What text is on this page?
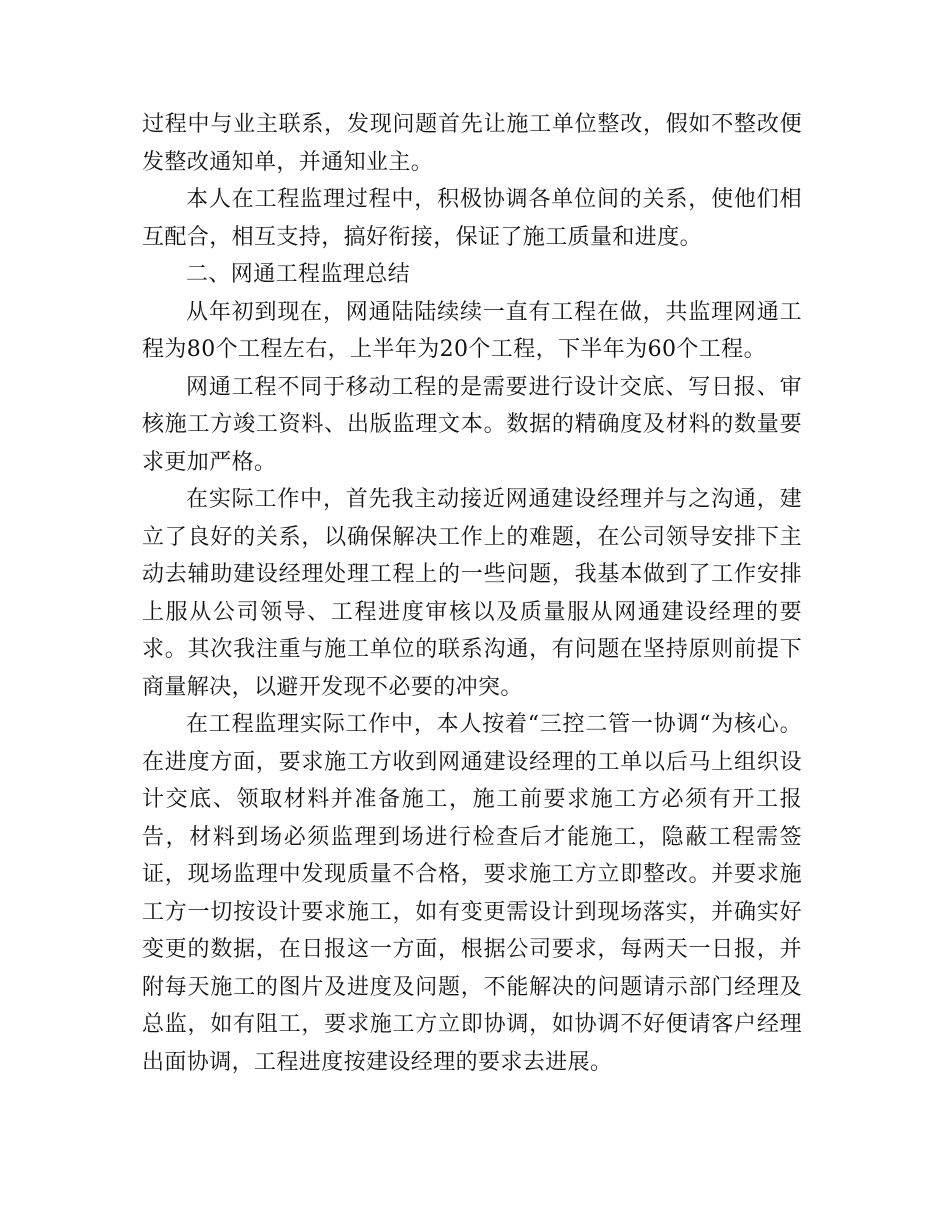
过程中与业主联系，发现问题首先让施工单位整改，假如不整改便发整改通知单，并通知业主。

本人在工程监理过程中，积极协调各单位间的关系，使他们相互配合，相互支持，搞好衔接，保证了施工质量和进度。

二、网通工程监理总结

从年初到现在，网通陆陆续续一直有工程在做，共监理网通工程为80个工程左右，上半年为20个工程，下半年为60个工程。

网通工程不同于移动工程的是需要进行设计交底、写日报、审核施工方竣工资料、出版监理文本。数据的精确度及材料的数量要求更加严格。

在实际工作中，首先我主动接近网通建设经理并与之沟通，建立了良好的关系，以确保解决工作上的难题，在公司领导安排下主动去辅助建设经理处理工程上的一些问题，我基本做到了工作安排上服从公司领导、工程进度审核以及质量服从网通建设经理的要求。其次我注重与施工单位的联系沟通，有问题在坚持原则前提下商量解决，以避开发现不必要的冲突。

在工程监理实际工作中，本人按着“三控二管一协调“为核心。在进度方面，要求施工方收到网通建设经理的工单以后马上组织设计交底、领取材料并准备施工，施工前要求施工方必须有开工报告，材料到场必须监理到场进行检查后才能施工，隐蔽工程需签证，现场监理中发现质量不合格，要求施工方立即整改。并要求施工方一切按设计要求施工，如有变更需设计到现场落实，并确实好变更的数据，在日报这一方面，根据公司要求，每两天一日报，并附每天施工的图片及进度及问题，不能解决的问题请示部门经理及总监，如有阻工，要求施工方立即协调，如协调不好便请客户经理出面协调，工程进度按建设经理的要求去进展。
